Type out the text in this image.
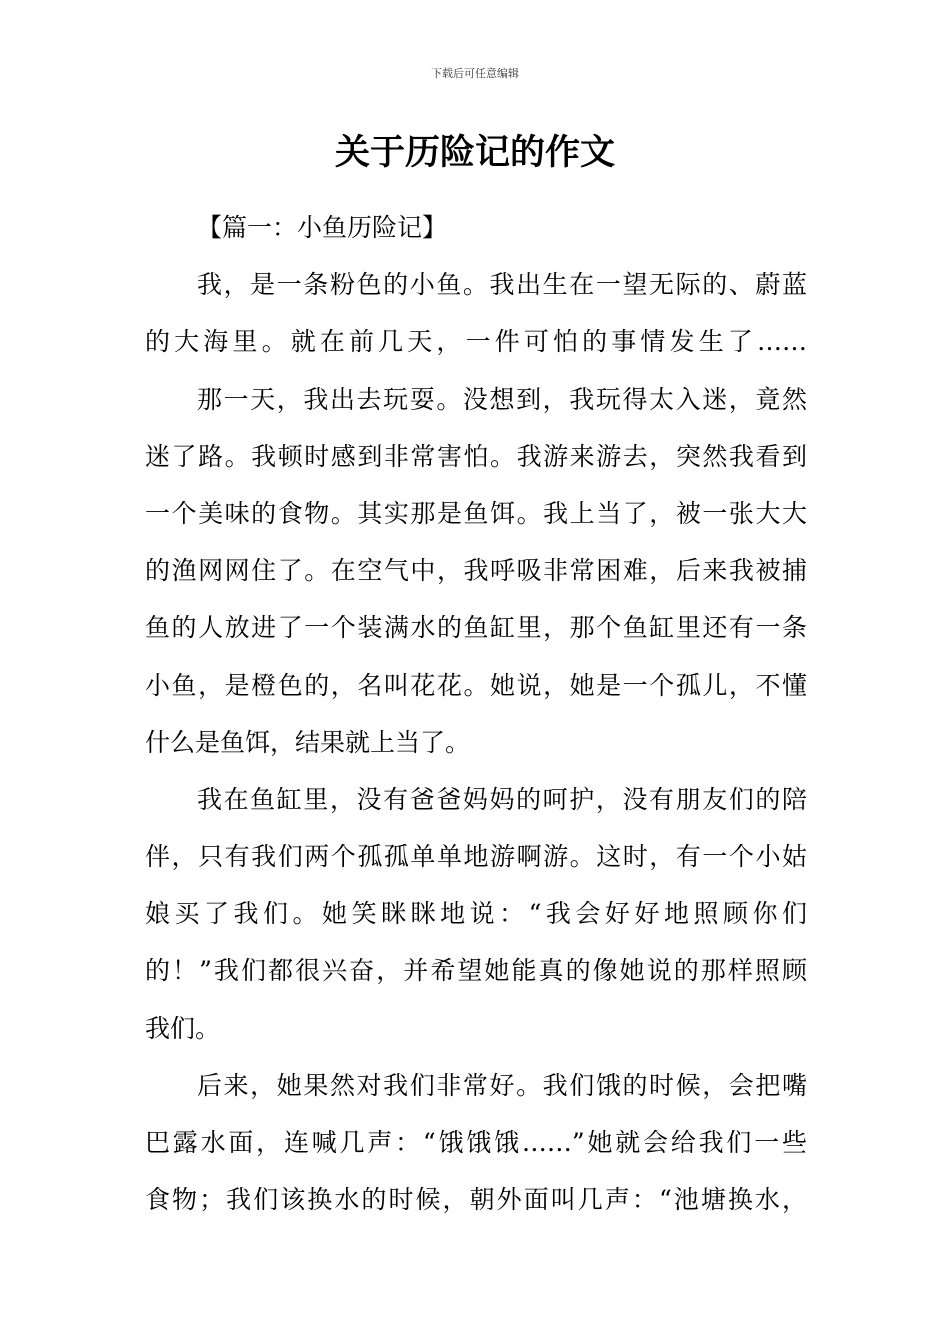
下载后可任意编辑
关于历险记的作文
【篇一：小鱼历险记】
我，是一条粉色的小鱼。我出生在一望无际的、蔚蓝
的大海里。就在前几天，一件可怕的事情发生了……
那一天，我出去玩耍。没想到，我玩得太入迷，竟然
迷了路。我顿时感到非常害怕。我游来游去，突然我看到
一个美味的食物。其实那是鱼饵。我上当了，被一张大大
的渔网网住了。在空气中，我呼吸非常困难，后来我被捕
鱼的人放进了一个装满水的鱼缸里，那个鱼缸里还有一条
小鱼，是橙色的，名叫花花。她说，她是一个孤儿，不懂
什么是鱼饵，结果就上当了。
我在鱼缸里，没有爸爸妈妈的呵护，没有朋友们的陪
伴，只有我们两个孤孤单单地游啊游。这时，有一个小姑
娘买了我们。她笑眯眯地说：“我会好好地照顾你们
的！”我们都很兴奋，并希望她能真的像她说的那样照顾
我们。
后来，她果然对我们非常好。我们饿的时候，会把嘴
巴露水面，连喊几声：“饿饿饿……”她就会给我们一些
食物；我们该换水的时候，朝外面叫几声：“池塘换水，
